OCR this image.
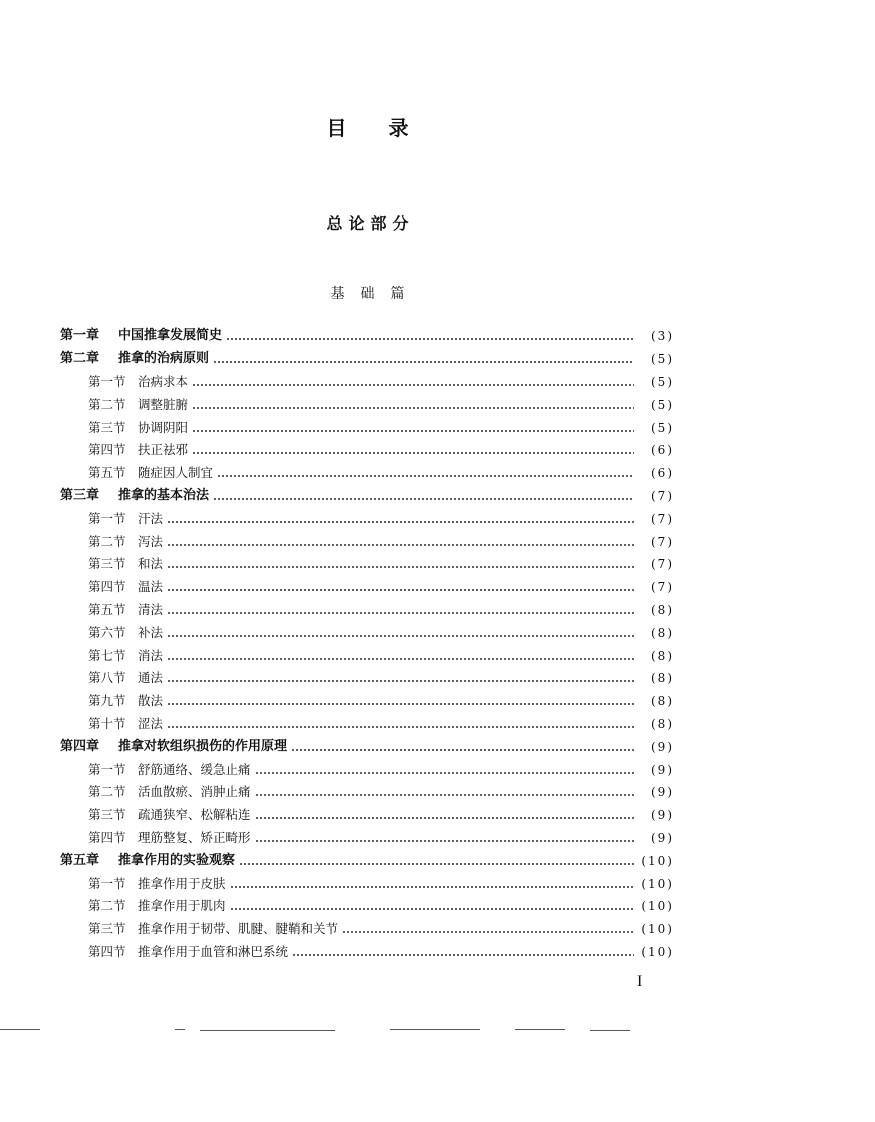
目录
总论部分
基础篇
第一章	中国推拿发展简史	(3)
第二章	推拿的治病原则	(5)
第一节 治病求本	(5)
第二节 调整脏腑	(5)
第三节 协调阴阳	(5)
第四节 扶正祛邪	(6)
第五节 随症因人制宜	(6)
第三章	推拿的基本治法	(7)
第一节 汗法	(7)
第二节 泻法	(7)
第三节 和法	(7)
第四节 温法	(7)
第五节 清法	(8)
第六节 补法	(8)
第七节 消法	(8)
第八节 通法	(8)
第九节 散法	(8)
第十节 涩法	(8)
第四章	推拿对软组织损伤的作用原理	(9)
第一节 舒筋通络、缓急止痛	(9)
第二节 活血散瘀、消肿止痛	(9)
第三节 疏通狭窄、松解粘连	(9)
第四节 理筋整复、矫正畸形	(9)
第五章	推拿作用的实验观察	(10)
第一节 推拿作用于皮肤	(10)
第二节 推拿作用于肌肉	(10)
第三节 推拿作用于韧带、肌腱、腱鞘和关节	(10)
第四节 推拿作用于血管和淋巴系统	(10)
I
